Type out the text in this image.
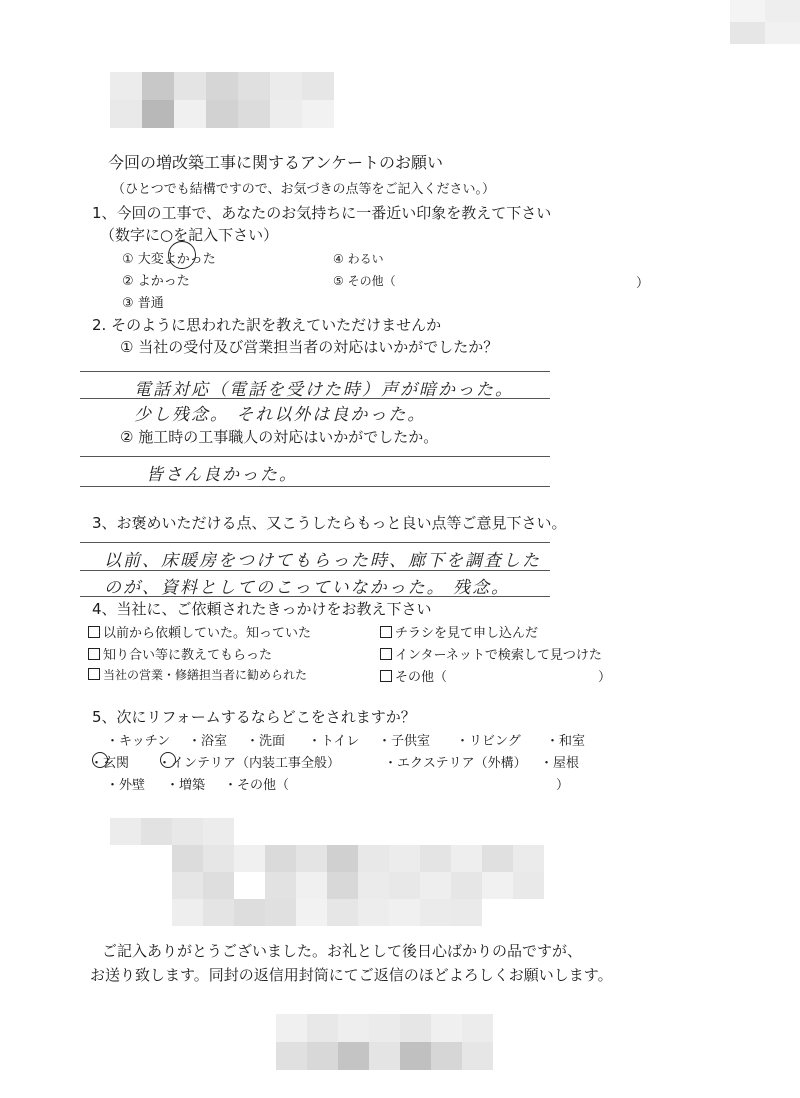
今回の増改築工事に関するアンケートのお願い
（ひとつでも結構ですので、お気づきの点等をご記入ください。）
1、今回の工事で、あなたのお気持ちに一番近い印象を教えて下さい
（数字に○を記入下さい）
① 大変よかった
② よかった
③ 普通
④ わるい
⑤ その他（	）
2. そのように思われた訳を教えていただけませんか
① 当社の受付及び営業担当者の対応はいかがでしたか？
電話対応（電話を受けた時）声が暗かった。
少し残念。 それ以外は良かった。
② 施工時の工事職人の対応はいかがでしたか。
皆さん良かった。
3、お褒めいただける点、又こうしたらもっと良い点等ご意見下さい。
以前、床暖房をつけてもらった時、廊下を調査したのが、資料としてのこっていなかった。 残念。
4、当社に、ご依頼されたきっかけをお教え下さい
以前から依頼していた。知っていた	チラシを見て申し込んだ
知り合い等に教えてもらった	インターネットで検索して見つけた
当社の営業・修繕担当者に勧められた	その他（	）
5、次にリフォームするならどこをされますか？
・キッチン ・浴室 ・洗面 ・トイレ ・子供室 ・リビング ・和室
・玄関 ・インテリア（内装工事全般）	・エクステリア（外構） ・屋根
・外壁 ・増築 ・その他（	）
ご記入ありがとうございました。お礼として後日心ばかりの品ですが、
お送り致します。同封の返信用封筒にてご返信のほどよろしくお願いします。
